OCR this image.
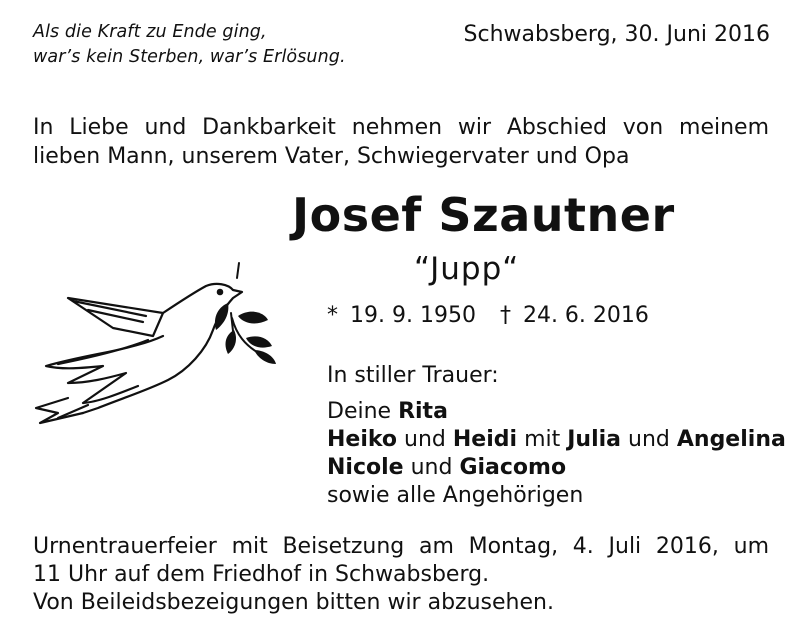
Als die Kraft zu Ende ging,
war’s kein Sterben, war’s Erlösung.
Schwabsberg, 30. Juni 2016
In Liebe und Dankbarkeit nehmen wir Abschied von meinem
lieben Mann, unserem Vater, Schwiegervater und Opa
Josef Szautner
“Jupp“
* 19. 9. 1950 † 24. 6. 2016
In stiller Trauer:
Deine Rita
Heiko und Heidi mit Julia und Angelina
Nicole und Giacomo
sowie alle Angehörigen
Urnentrauerfeier mit Beisetzung am Montag, 4. Juli 2016, um
11 Uhr auf dem Friedhof in Schwabsberg.
Von Beileidsbezeigungen bitten wir abzusehen.
